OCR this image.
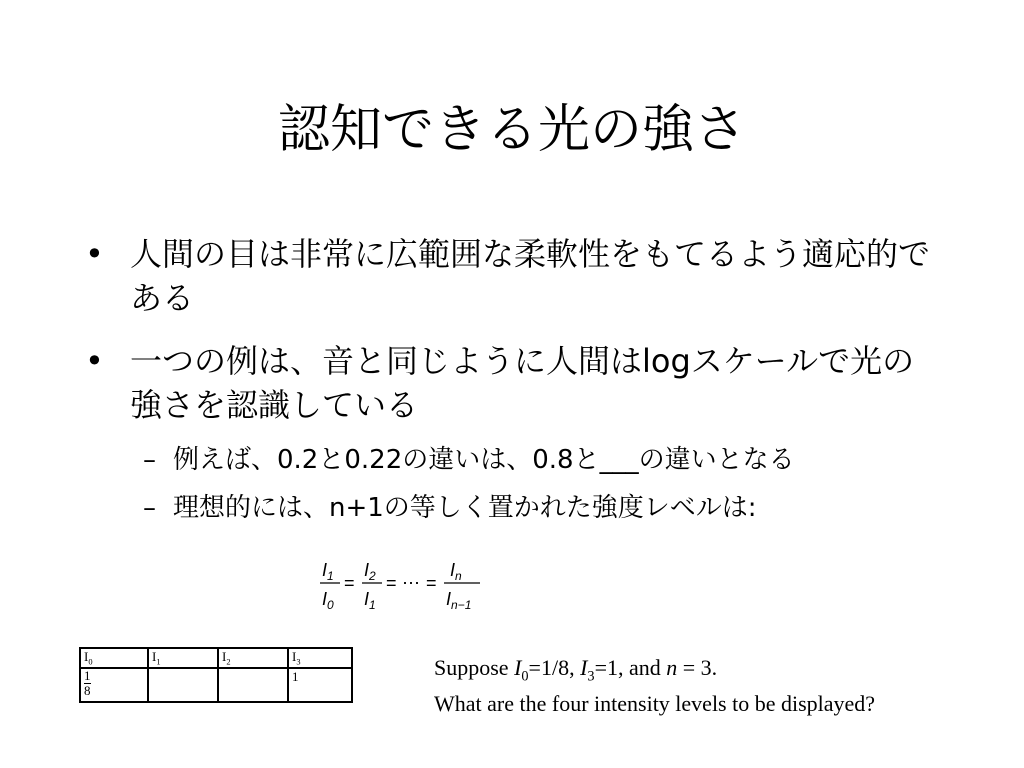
認知できる光の強さ
• 人間の目は非常に広範囲な柔軟性をもてるよう適応的である
• 一つの例は、音と同じように人間はlogスケールで光の強さを認識している
– 例えば、0.2と0.22の違いは、0.8と___の違いとなる
– 理想的には、n+1の等しく置かれた強度レベルは:
$I_1$
$I_0$
=
$I_2$
$I_1$
= ⋯ =
$I_n$
$I_{n-1}$
$I_0$	$I_1$	$I_2$	$I_3$

$\frac{1}{8}$			1	Suppose $I_0=1/8$, $I_3=1$, and n = 3.
What are the four intensity levels to be displayed?
